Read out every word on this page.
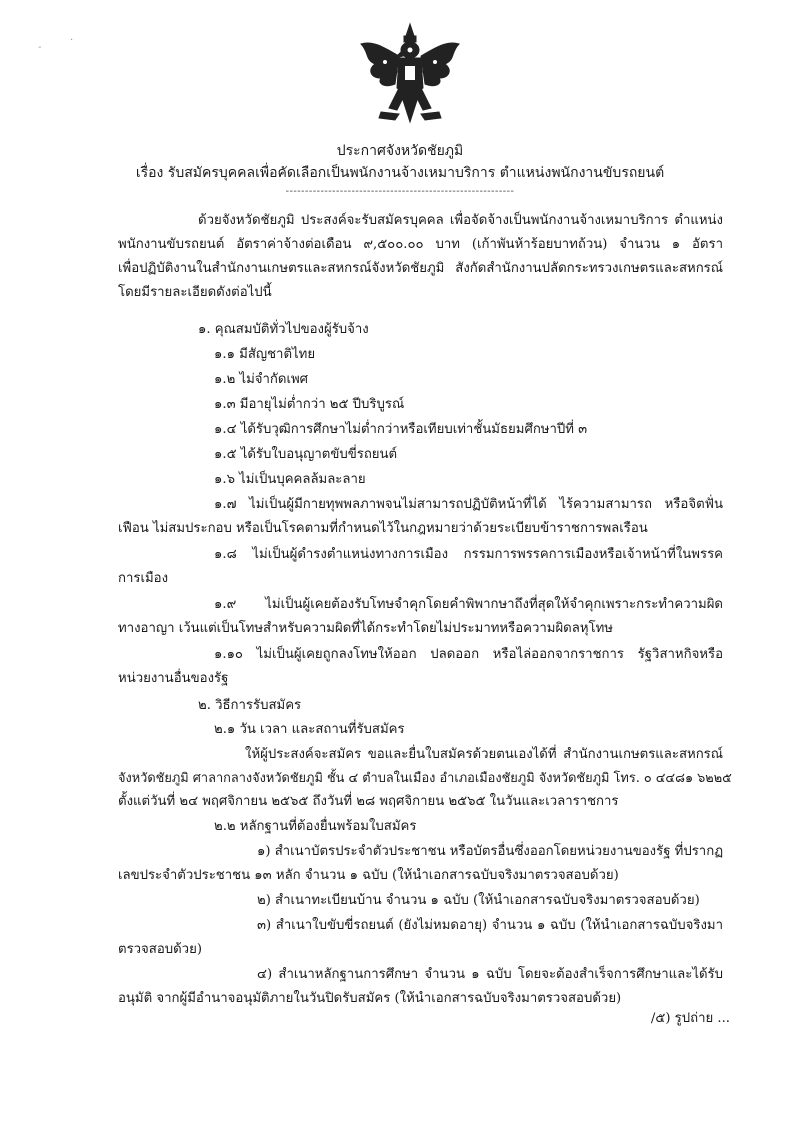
-
·
ประกาศจังหวัดชัยภูมิ
เรื่อง รับสมัครบุคคลเพื่อคัดเลือกเป็นพนักงานจ้างเหมาบริการ ตำแหน่งพนักงานขับรถยนต์
-----------------------------------------------------------
ด้วยจังหวัดชัยภูมิ ประสงค์จะรับสมัครบุคคล เพื่อจัดจ้างเป็นพนักงานจ้างเหมาบริการ ตำแหน่ง
พนักงานขับรถยนต์ อัตราค่าจ้างต่อเดือน ๙,๕๐๐.๐๐ บาท (เก้าพันห้าร้อยบาทถ้วน) จำนวน ๑ อัตรา
เพื่อปฏิบัติงานในสำนักงานเกษตรและสหกรณ์จังหวัดชัยภูมิ สังกัดสำนักงานปลัดกระทรวงเกษตรและสหกรณ์
โดยมีรายละเอียดดังต่อไปนี้
๑. คุณสมบัติทั่วไปของผู้รับจ้าง
๑.๑ มีสัญชาติไทย
๑.๒ ไม่จำกัดเพศ
๑.๓ มีอายุไม่ต่ำกว่า ๒๕ ปีบริบูรณ์
๑.๔ ได้รับวุฒิการศึกษาไม่ต่ำกว่าหรือเทียบเท่าชั้นมัธยมศึกษาปีที่ ๓
๑.๕ ได้รับใบอนุญาตขับขี่รถยนต์
๑.๖ ไม่เป็นบุคคลล้มละลาย
๑.๗ ไม่เป็นผู้มีกายทุพพลภาพจนไม่สามารถปฏิบัติหน้าที่ได้ ไร้ความสามารถ หรือจิตฟั่น
เฟือน ไม่สมประกอบ หรือเป็นโรคตามที่กำหนดไว้ในกฎหมายว่าด้วยระเบียบข้าราชการพลเรือน
๑.๘ ไม่เป็นผู้ดำรงตำแหน่งทางการเมือง กรรมการพรรคการเมืองหรือเจ้าหน้าที่ในพรรค
การเมือง
๑.๙ ไม่เป็นผู้เคยต้องรับโทษจำคุกโดยคำพิพากษาถึงที่สุดให้จำคุกเพราะกระทำความผิด
ทางอาญา เว้นแต่เป็นโทษสำหรับความผิดที่ได้กระทำโดยไม่ประมาทหรือความผิดลหุโทษ
๑.๑๐ ไม่เป็นผู้เคยถูกลงโทษให้ออก ปลดออก หรือไล่ออกจากราชการ รัฐวิสาหกิจหรือ
หน่วยงานอื่นของรัฐ
๒. วิธีการรับสมัคร
๒.๑ วัน เวลา และสถานที่รับสมัคร
ให้ผู้ประสงค์จะสมัคร ขอและยื่นใบสมัครด้วยตนเองได้ที่ สำนักงานเกษตรและสหกรณ์
จังหวัดชัยภูมิ ศาลากลางจังหวัดชัยภูมิ ชั้น ๔ ตำบลในเมือง อำเภอเมืองชัยภูมิ จังหวัดชัยภูมิ โทร. ๐ ๔๔๘๑ ๖๒๒๕
ตั้งแต่วันที่ ๒๔ พฤศจิกายน ๒๕๖๕ ถึงวันที่ ๒๘ พฤศจิกายน ๒๕๖๕ ในวันและเวลาราชการ
๒.๒ หลักฐานที่ต้องยื่นพร้อมใบสมัคร
๑) สำเนาบัตรประจำตัวประชาชน หรือบัตรอื่นซึ่งออกโดยหน่วยงานของรัฐ ที่ปรากฏ
เลขประจำตัวประชาชน ๑๓ หลัก จำนวน ๑ ฉบับ (ให้นำเอกสารฉบับจริงมาตรวจสอบด้วย)
๒) สำเนาทะเบียนบ้าน จำนวน ๑ ฉบับ (ให้นำเอกสารฉบับจริงมาตรวจสอบด้วย)
๓) สำเนาใบขับขี่รถยนต์ (ยังไม่หมดอายุ) จำนวน ๑ ฉบับ (ให้นำเอกสารฉบับจริงมา
ตรวจสอบด้วย)
๔) สำเนาหลักฐานการศึกษา จำนวน ๑ ฉบับ โดยจะต้องสำเร็จการศึกษาและได้รับ
อนุมัติ จากผู้มีอำนาจอนุมัติภายในวันปิดรับสมัคร (ให้นำเอกสารฉบับจริงมาตรวจสอบด้วย)
/๕) รูปถ่าย ...
